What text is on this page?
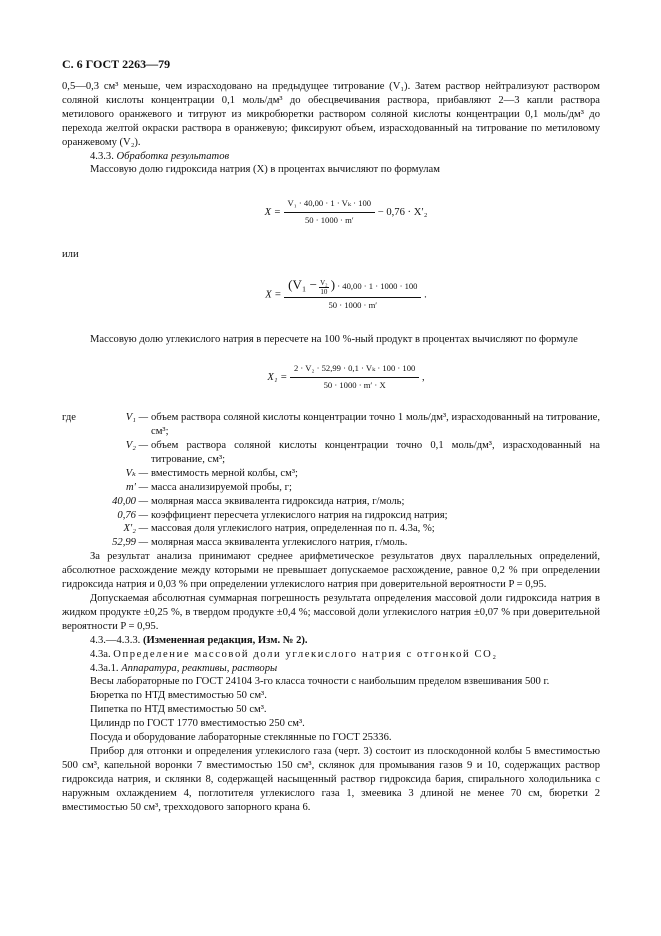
С. 6 ГОСТ 2263—79

0,5—0,3 см³ меньше, чем израсходовано на предыдущее титрование (V₁). Затем раствор нейтрализуют раствором соляной кислоты концентрации 0,1 моль/дм³ до обесцвечивания раствора, прибавляют 2—3 капли раствора метилового оранжевого и титруют из микробюретки раствором соляной кислоты концентрации 0,1 моль/дм³ до перехода желтой окраски раствора в оранжевую; фиксируют объем, израсходованный на титрование по метиловому оранжевому (V₂).

4.3.3. Обработка результатов

Массовую долю гидроксида натрия (X) в процентах вычисляют по формулам

$X = \frac{\text{V₁ · 40,00 · 1 · Vₖ · 100}}{50 \cdot 1000 \cdot m'} - 0,76 \cdot X'_2$

или

X =
($V_1 - \frac{\text{V₂}}{10}$ ) · 40,00 · 1 · 1000 · 100
50 · 1000 · m′
.

Массовую долю углекислого натрия в пересчете на 100 %-ный продукт в процентах вычисляют по формуле

$X_1 = \frac{\text{2 · V₂ · 52,99 · 0,1 · Vₖ · 100 · 100}}{50 \cdot 1000 \cdot m' \cdot X}$ ,
где	V₁ — объем раствора соляной кислоты концентрации точно 1 моль/дм³, израсходованный на титрование, см³;
V₂ — объем раствора соляной кислоты концентрации точно 0,1 моль/дм³, израсходованный на титрование, см³;
Vₖ — вместимость мерной колбы, см³;
m′ — масса анализируемой пробы, г;
40,00 — молярная масса эквивалента гидроксида натрия, г/моль;
0,76 — коэффициент пересчета углекислого натрия на гидроксид натрия;
X′₂ — массовая доля углекислого натрия, определенная по п. 4.3а, %;
52,99 — молярная масса эквивалента углекислого натрия, г/моль.

За результат анализа принимают среднее арифметическое результатов двух параллельных определений, абсолютное расхождение между которыми не превышает допускаемое расхождение, равное 0,2 % при определении гидроксида натрия и 0,03 % при определении углекислого натрия при доверительной вероятности P = 0,95.

Допускаемая абсолютная суммарная погрешность результата определения массовой доли гидроксида натрия в жидком продукте ±0,25 %, в твердом продукте ±0,4 %; массовой доли углекислого натрия ±0,07 % при доверительной вероятности P = 0,95.

4.3.—4.3.3. (Измененная редакция, Изм. № 2).

4.3а. Определение массовой доли углекислого натрия с отгонкой CO₂

4.3а.1. Аппаратура, реактивы, растворы

Весы лабораторные по ГОСТ 24104 3-го класса точности с наибольшим пределом взвешивания 500 г.

Бюретка по НТД вместимостью 50 см³.

Пипетка по НТД вместимостью 50 см³.

Цилиндр по ГОСТ 1770 вместимостью 250 см³.

Посуда и оборудование лабораторные стеклянные по ГОСТ 25336.

Прибор для отгонки и определения углекислого газа (черт. 3) состоит из плоскодонной колбы 5 вместимостью 500 см³, капельной воронки 7 вместимостью 150 см³, склянок для промывания газов 9 и 10, содержащих раствор гидроксида натрия, и склянки 8, содержащей насыщенный раствор гидроксида бария, спирального холодильника с наружным охлаждением 4, поглотителя углекислого газа 1, змеевика 3 длиной не менее 70 см, бюретки 2 вместимостью 50 см³, трехходового запорного крана 6.
